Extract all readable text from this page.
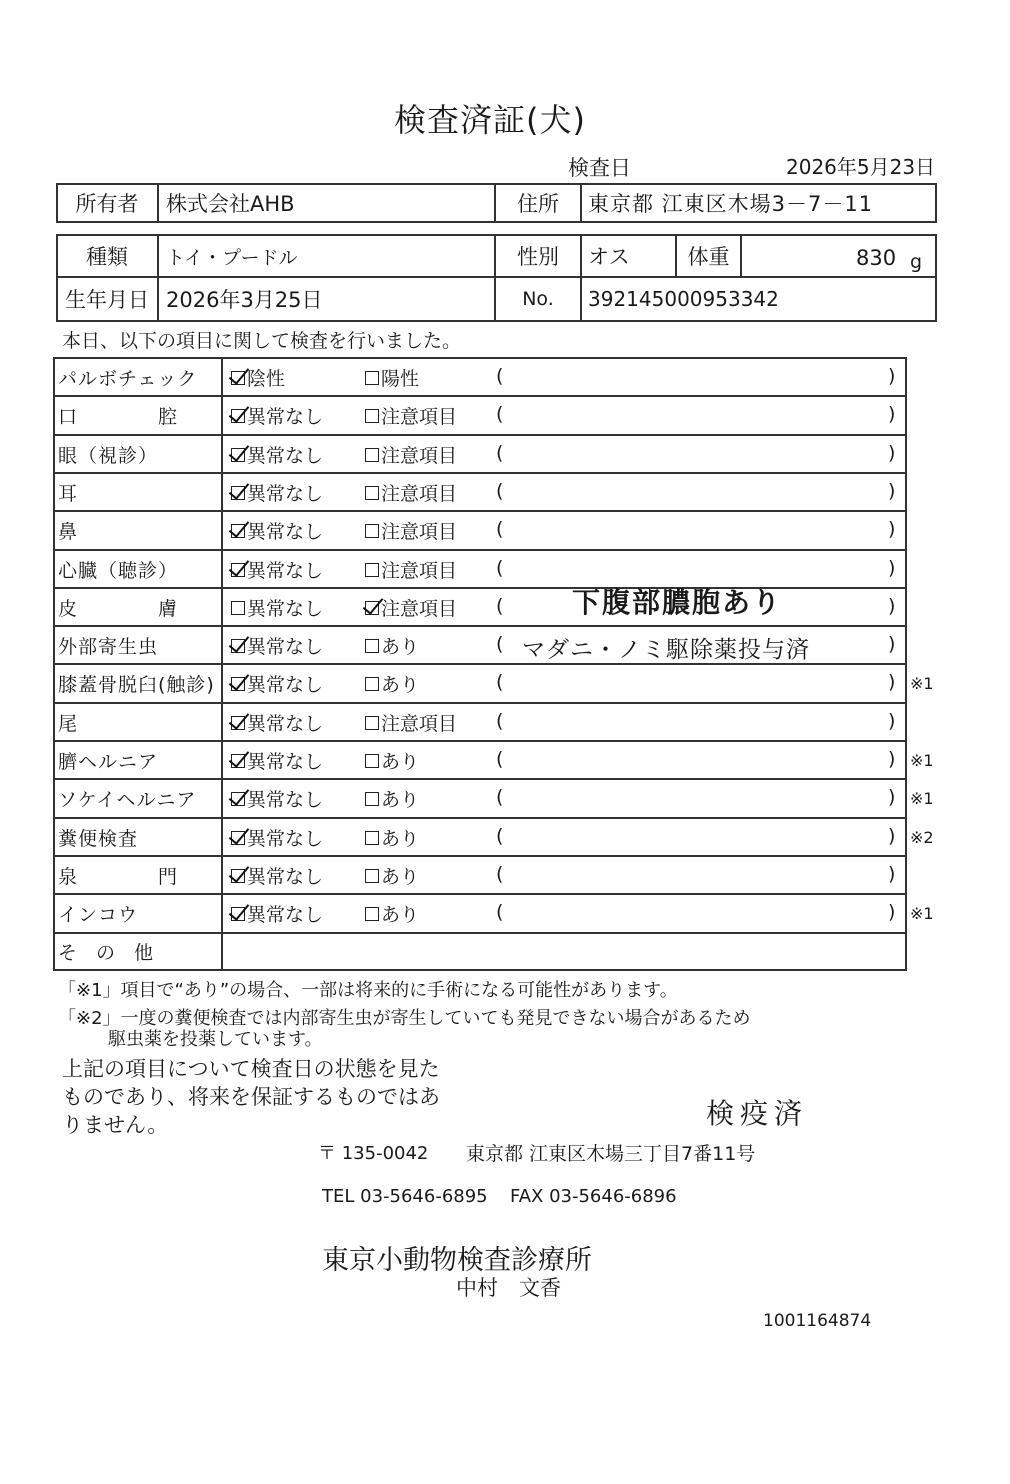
検査済証(犬)
検査日	2026年5月23日
所有者	株式会社AHB	住所	東京都 江東区木場3－7－11
種類	トイ・プードル	性別	オス	体重	830 g
生年月日 2026年3月25日	No.	392145000953342
本日、以下の項目に関して検査を行いました。
パルボチェック	陰性	陽性	(	)
口　　　　腔	異常なし	注意項目 (	)
眼（視診）	異常なし	注意項目 (	)
耳	異常なし	注意項目 (	)
鼻	異常なし	注意項目 (	)
心臓（聴診）	異常なし	注意項目 (	)
皮　　　　膚	異常なし	注意項目 (	)
下腹部膿胞あり
外部寄生虫	異常なし	あり	(	)
マダニ・ノミ駆除薬投与済
膝蓋骨脱臼(触診) 異常なし	あり	(	) ※1
尾	異常なし	注意項目 (	)
臍ヘルニア	異常なし	あり	(	) ※1
ソケイヘルニア	異常なし	あり	(	) ※1
糞便検査	異常なし	あり	(	) ※2
泉　　　　門	異常なし	あり	(	)
インコウ	異常なし	あり	(	) ※1
そ　の　他
「※1」項目で“あり”の場合、一部は将来的に手術になる可能性があります。
「※2」一度の糞便検査では内部寄生虫が寄生していても発見できない場合があるため
駆虫薬を投薬しています。
上記の項目について検査日の状態を見たものであり、将来を保証するものではありません。	検疫済
〒 135-0042 東京都 江東区木場三丁目7番11号
TEL 03-5646-6895 FAX 03-5646-6896
東京小動物検査診療所
中村　文香
1001164874
